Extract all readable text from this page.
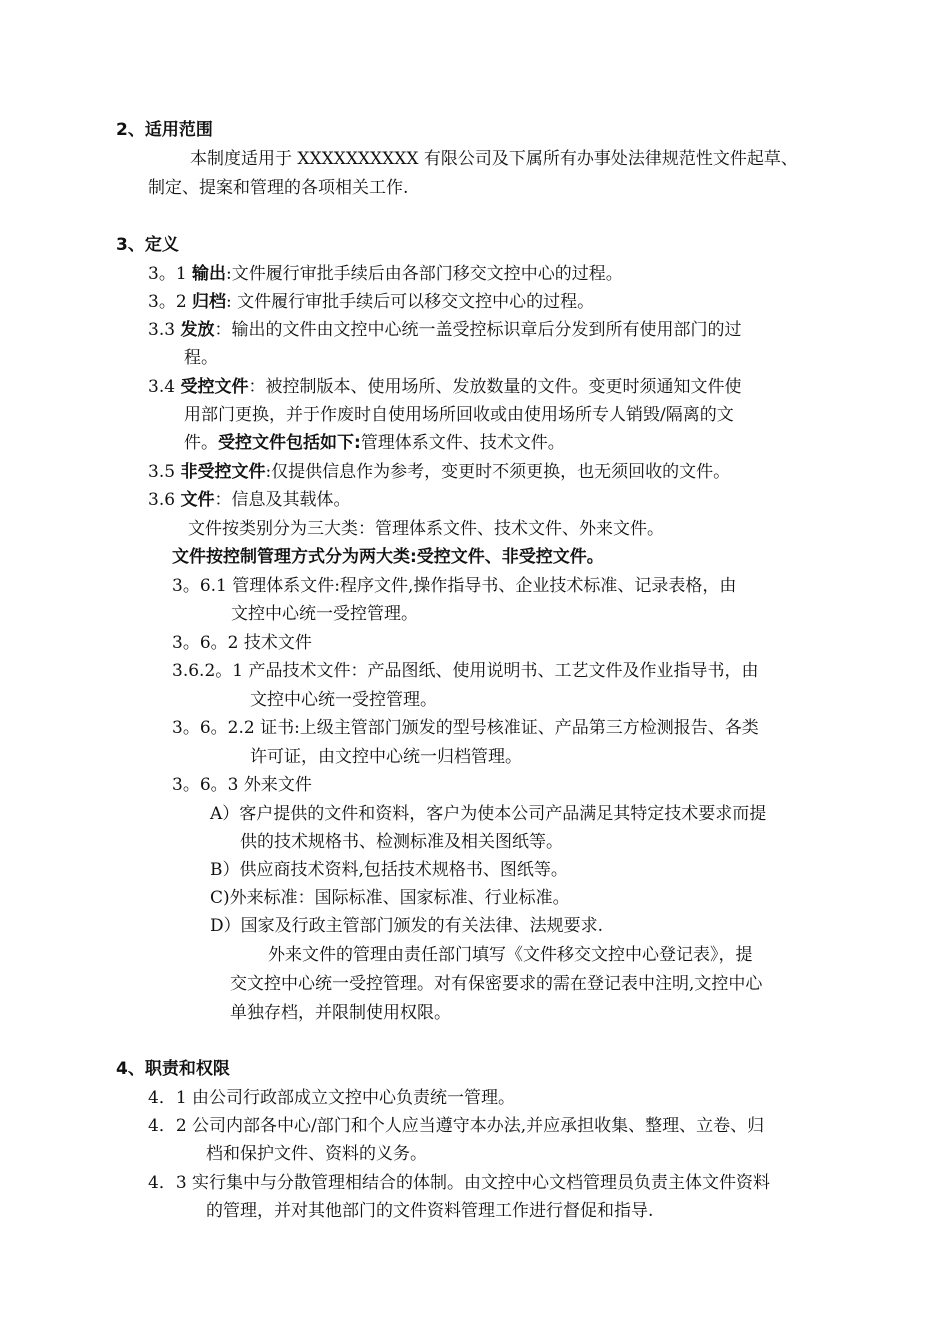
2、适用范围
本制度适用于 XXXXXXXXXX 有限公司及下属所有办事处法律规范性文件起草、
制定、提案和管理的各项相关工作.
3、定义
3。1 输出:文件履行审批手续后由各部门移交文控中心的过程。
3。2 归档: 文件履行审批手续后可以移交文控中心的过程。
3.3 发放：输出的文件由文控中心统一盖受控标识章后分发到所有使用部门的过
程。
3.4 受控文件：被控制版本、使用场所、发放数量的文件。变更时须通知文件使
用部门更换，并于作废时自使用场所回收或由使用场所专人销毁/隔离的文
件。受控文件包括如下:管理体系文件、技术文件。
3.5 非受控文件:仅提供信息作为参考，变更时不须更换，也无须回收的文件。
3.6 文件：信息及其载体。
文件按类别分为三大类：管理体系文件、技术文件、外来文件。
文件按控制管理方式分为两大类:受控文件、非受控文件。
3。6.1 管理体系文件:程序文件,操作指导书、企业技术标准、记录表格，由
文控中心统一受控管理。
3。6。2 技术文件
3.6.2。1 产品技术文件：产品图纸、使用说明书、工艺文件及作业指导书，由
文控中心统一受控管理。
3。6。2.2 证书:上级主管部门颁发的型号核准证、产品第三方检测报告、各类
许可证，由文控中心统一归档管理。
3。6。3 外来文件
A）客户提供的文件和资料，客户为使本公司产品满足其特定技术要求而提
供的技术规格书、检测标准及相关图纸等。
B）供应商技术资料,包括技术规格书、图纸等。
C)外来标准：国际标准、国家标准、行业标准。
D）国家及行政主管部门颁发的有关法律、法规要求.
外来文件的管理由责任部门填写《文件移交文控中心登记表》，提
交文控中心统一受控管理。对有保密要求的需在登记表中注明,文控中心
单独存档，并限制使用权限。
4、职责和权限
4．1 由公司行政部成立文控中心负责统一管理。
4．2 公司内部各中心/部门和个人应当遵守本办法,并应承担收集、整理、立卷、归
档和保护文件、资料的义务。
4．3 实行集中与分散管理相结合的体制。由文控中心文档管理员负责主体文件资料
的管理，并对其他部门的文件资料管理工作进行督促和指导.
